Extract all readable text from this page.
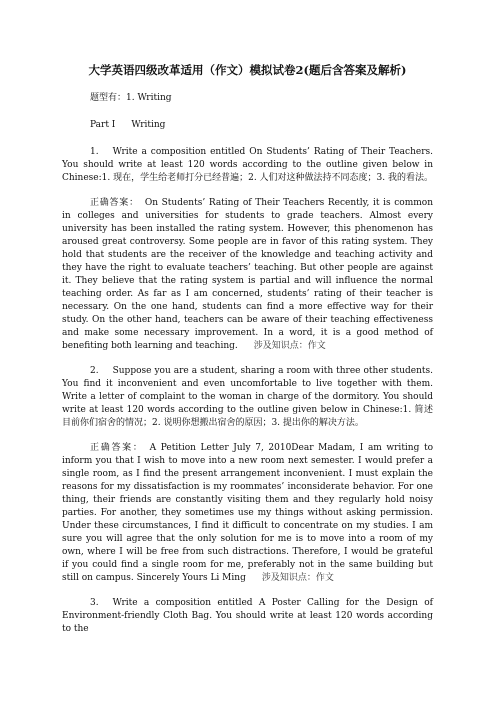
大学英语四级改革适用（作文）模拟试卷2(题后含答案及解析)

题型有：1. Writing

Part I Writing

1. Write a composition entitled On Students’ Rating of Their Teachers. You should write at least 120 words according to the outline given below in Chinese:1. 现在，学生给老师打分已经普遍；2. 人们对这种做法持不同态度；3. 我的看法。

正确答案： On Students’ Rating of Their Teachers Recently, it is common in colleges and universities for students to grade teachers. Almost every university has been installed the rating system. However, this phenomenon has aroused great controversy. Some people are in favor of this rating system. They hold that students are the receiver of the knowledge and teaching activity and they have the right to evaluate teachers’ teaching. But other people are against it. They believe that the rating system is partial and will influence the normal teaching order. As far as I am concerned, students’ rating of their teacher is necessary. On the one hand, students can find a more effective way for their study. On the other hand, teachers can be aware of their teaching effectiveness and make some necessary improvement. In a word, it is a good method of benefiting both learning and teaching. 涉及知识点：作文

2. Suppose you are a student, sharing a room with three other students. You find it inconvenient and even uncomfortable to live together with them. Write a letter of complaint to the woman in charge of the dormitory. You should write at least 120 words according to the outline given below in Chinese:1. 简述目前你们宿舍的情况；2. 说明你想搬出宿舍的原因；3. 提出你的解决方法。

正确答案： A Petition Letter July 7, 2010Dear Madam, I am writing to inform you that I wish to move into a new room next semester. I would prefer a single room, as I find the present arrangement inconvenient. I must explain the reasons for my dissatisfaction is my roommates’ inconsiderate behavior. For one thing, their friends are constantly visiting them and they regularly hold noisy parties. For another, they sometimes use my things without asking permission. Under these circumstances, I find it difficult to concentrate on my studies. I am sure you will agree that the only solution for me is to move into a room of my own, where I will be free from such distractions. Therefore, I would be grateful if you could find a single room for me, preferably not in the same building but still on campus. Sincerely Yours Li Ming 涉及知识点：作文

3. Write a composition entitled A Poster Calling for the Design of Environment-friendly Cloth Bag. You should write at least 120 words according to the
